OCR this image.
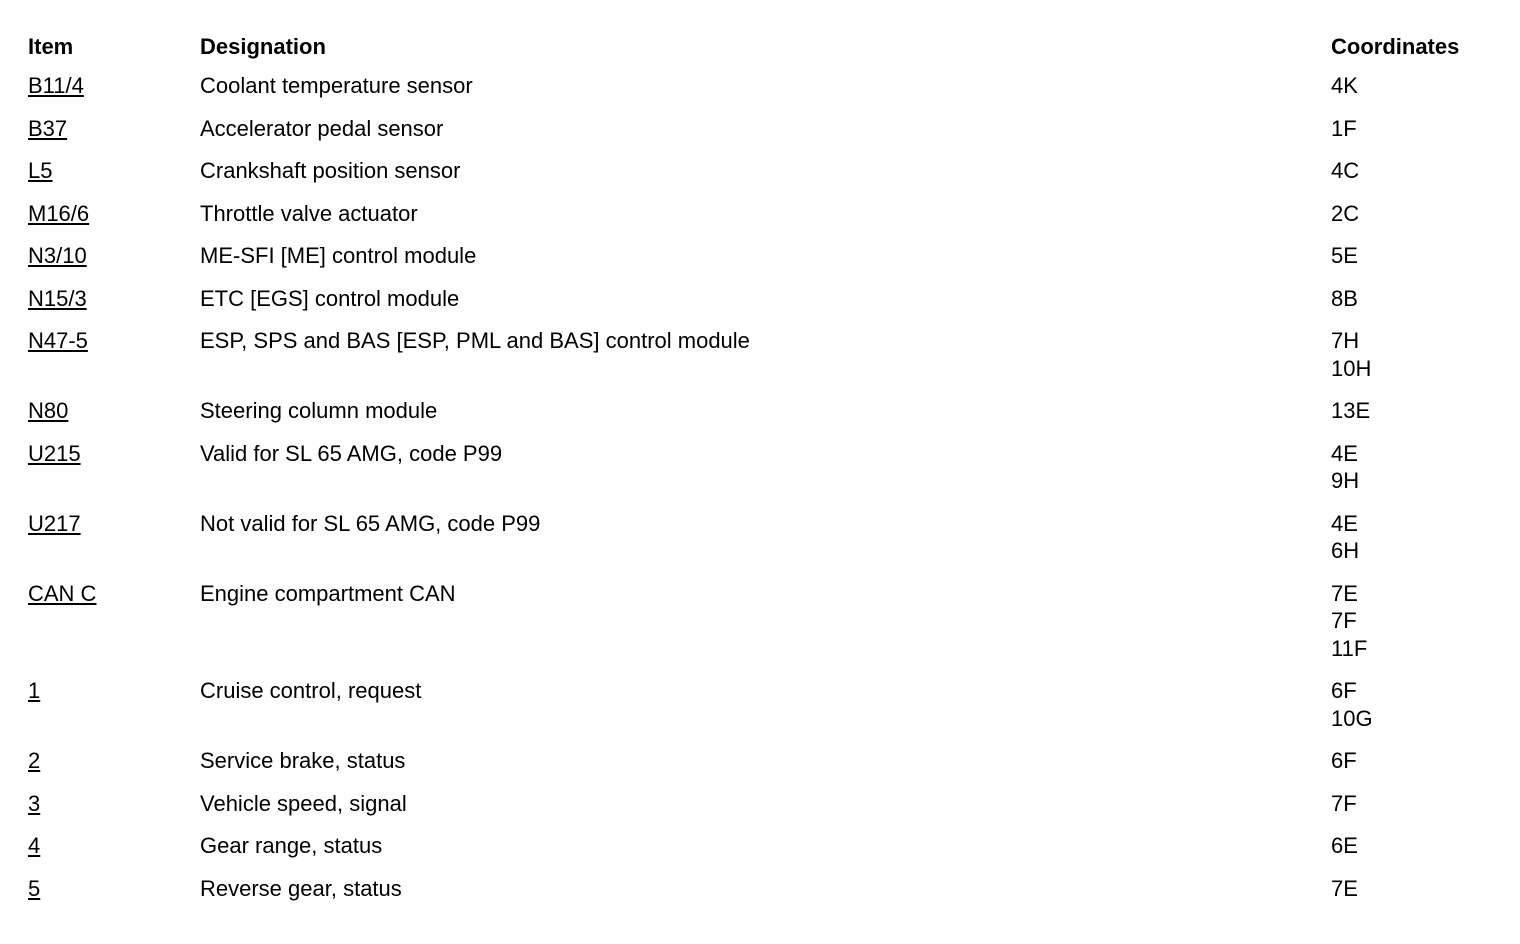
Item	Designation	Coordinates
B11/4	Coolant temperature sensor	4K

B37	Accelerator pedal sensor	1F

L5	Crankshaft position sensor	4C

M16/6	Throttle valve actuator	2C

N3/10	ME-SFI [ME] control module	5E

N15/3	ETC [EGS] control module	8B

N47-5	ESP, SPS and BAS [ESP, PML and BAS] control module	7H
10H

N80	Steering column module	13E

U215	Valid for SL 65 AMG, code P99	4E
9H

U217	Not valid for SL 65 AMG, code P99	4E
6H

CAN C	Engine compartment CAN	7E
7F
11F

1	Cruise control, request	6F
10G

2	Service brake, status	6F

3	Vehicle speed, signal	7F

4	Gear range, status	6E

5	Reverse gear, status	7E
